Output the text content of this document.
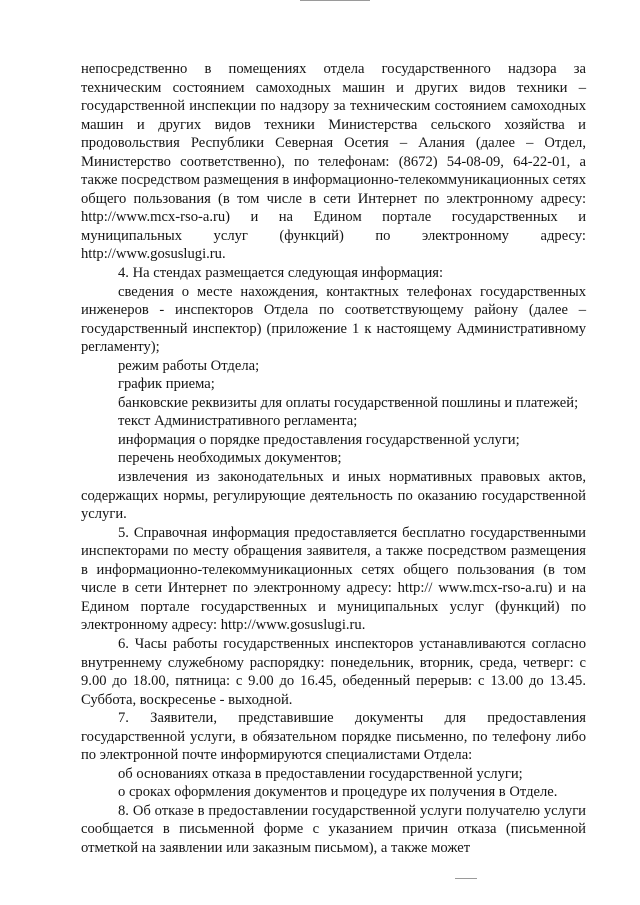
непосредственно в помещениях отдела государственного надзора за техническим состоянием самоходных машин и других видов техники – государственной инспекции по надзору за техническим состоянием самоходных машин и других видов техники Министерства сельского хозяйства и продовольствия Республики Северная Осетия – Алания (далее – Отдел, Министерство соответственно), по телефонам: (8672) 54-08-09, 64-22-01, а также посредством размещения в информационно-телекоммуникационных сетях общего пользования (в том числе в сети Интернет по электронному адресу: http://www.mcx-rso-a.ru) и на Едином портале государственных и муниципальных услуг (функций) по электронному адресу: http://www.gosuslugi.ru.

4. На стендах размещается следующая информация:

сведения о месте нахождения, контактных телефонах государственных инженеров - инспекторов Отдела по соответствующему району (далее – государственный инспектор) (приложение 1 к настоящему Административному регламенту);

режим работы Отдела;

график приема;

банковские реквизиты для оплаты государственной пошлины и платежей;

текст Административного регламента;

информация о порядке предоставления государственной услуги;

перечень необходимых документов;

извлечения из законодательных и иных нормативных правовых актов, содержащих нормы, регулирующие деятельность по оказанию государственной услуги.

5. Справочная информация предоставляется бесплатно государственными инспекторами по месту обращения заявителя, а также посредством размещения в информационно-телекоммуникационных сетях общего пользования (в том числе в сети Интернет по электронному адресу: http:// www.mcx-rso-a.ru) и на Едином портале государственных и муниципальных услуг (функций) по электронному адресу: http://www.gosuslugi.ru.

6. Часы работы государственных инспекторов устанавливаются согласно внутреннему служебному распорядку: понедельник, вторник, среда, четверг: с 9.00 до 18.00, пятница: с 9.00 до 16.45, обеденный перерыв: с 13.00 до 13.45. Суббота, воскресенье - выходной.

7. Заявители, представившие документы для предоставления государственной услуги, в обязательном порядке письменно, по телефону либо по электронной почте информируются специалистами Отдела:

об основаниях отказа в предоставлении государственной услуги;

о сроках оформления документов и процедуре их получения в Отделе.

8. Об отказе в предоставлении государственной услуги получателю услуги сообщается в письменной форме с указанием причин отказа (письменной отметкой на заявлении или заказным письмом), а также может
